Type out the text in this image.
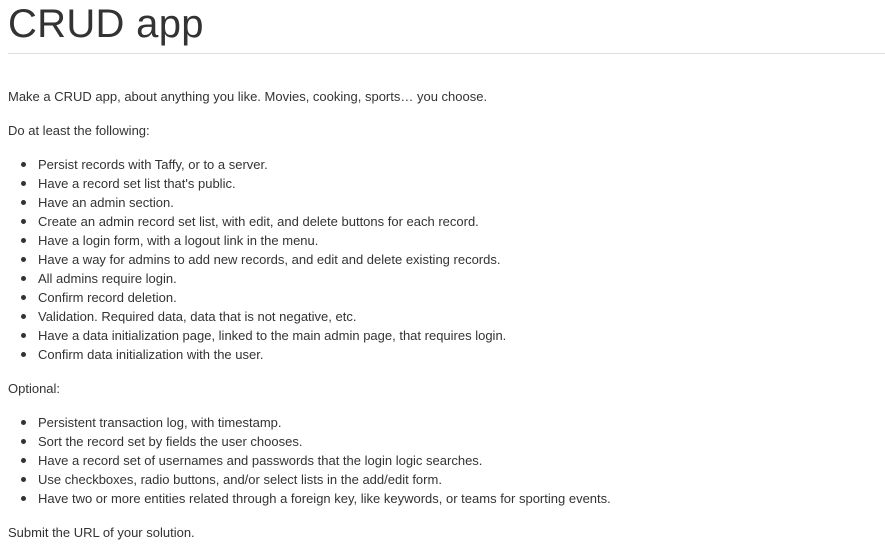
CRUD app

Make a CRUD app, about anything you like. Movies, cooking, sports… you choose.

Do at least the following:

Persist records with Taffy, or to a server.
Have a record set list that's public.
Have an admin section.
Create an admin record set list, with edit, and delete buttons for each record.
Have a login form, with a logout link in the menu.
Have a way for admins to add new records, and edit and delete existing records.
All admins require login.
Confirm record deletion.
Validation. Required data, data that is not negative, etc.
Have a data initialization page, linked to the main admin page, that requires login.
Confirm data initialization with the user.

Optional:

Persistent transaction log, with timestamp.
Sort the record set by fields the user chooses.
Have a record set of usernames and passwords that the login logic searches.
Use checkboxes, radio buttons, and/or select lists in the add/edit form.
Have two or more entities related through a foreign key, like keywords, or teams for sporting events.

Submit the URL of your solution.
